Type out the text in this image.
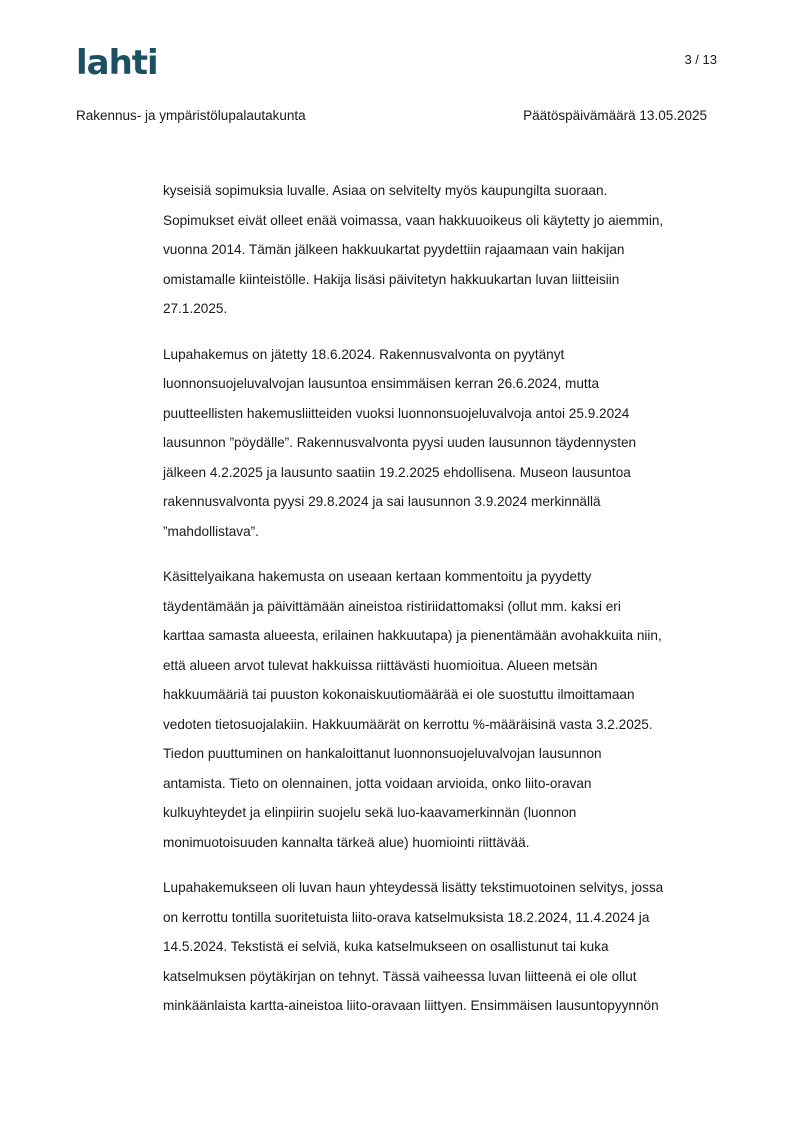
lahti	3 / 13
Rakennus- ja ympäristölupalautakunta	Päätöspäivämäärä 13.05.2025

kyseisiä sopimuksia luvalle. Asiaa on selvitelty myös kaupungilta suoraan.
Sopimukset eivät olleet enää voimassa, vaan hakkuuoikeus oli käytetty jo aiemmin,
vuonna 2014. Tämän jälkeen hakkuukartat pyydettiin rajaamaan vain hakijan
omistamalle kiinteistölle. Hakija lisäsi päivitetyn hakkuukartan luvan liitteisiin
27.1.2025.

Lupahakemus on jätetty 18.6.2024. Rakennusvalvonta on pyytänyt
luonnonsuojeluvalvojan lausuntoa ensimmäisen kerran 26.6.2024, mutta
puutteellisten hakemusliitteiden vuoksi luonnonsuojeluvalvoja antoi 25.9.2024
lausunnon ”pöydälle”. Rakennusvalvonta pyysi uuden lausunnon täydennysten
jälkeen 4.2.2025 ja lausunto saatiin 19.2.2025 ehdollisena. Museon lausuntoa
rakennusvalvonta pyysi 29.8.2024 ja sai lausunnon 3.9.2024 merkinnällä
”mahdollistava”.

Käsittelyaikana hakemusta on useaan kertaan kommentoitu ja pyydetty
täydentämään ja päivittämään aineistoa ristiriidattomaksi (ollut mm. kaksi eri
karttaa samasta alueesta, erilainen hakkuutapa) ja pienentämään avohakkuita niin,
että alueen arvot tulevat hakkuissa riittävästi huomioitua. Alueen metsän
hakkuumääriä tai puuston kokonaiskuutiomäärää ei ole suostuttu ilmoittamaan
vedoten tietosuojalakiin. Hakkuumäärät on kerrottu %-määräisinä vasta 3.2.2025.
Tiedon puuttuminen on hankaloittanut luonnonsuojeluvalvojan lausunnon
antamista. Tieto on olennainen, jotta voidaan arvioida, onko liito-oravan
kulkuyhteydet ja elinpiirin suojelu sekä luo-kaavamerkinnän (luonnon
monimuotoisuuden kannalta tärkeä alue) huomiointi riittävää.

Lupahakemukseen oli luvan haun yhteydessä lisätty tekstimuotoinen selvitys, jossa
on kerrottu tontilla suoritetuista liito-orava katselmuksista 18.2.2024, 11.4.2024 ja
14.5.2024. Tekstistä ei selviä, kuka katselmukseen on osallistunut tai kuka
katselmuksen pöytäkirjan on tehnyt. Tässä vaiheessa luvan liitteenä ei ole ollut
minkäänlaista kartta-aineistoa liito-oravaan liittyen. Ensimmäisen lausuntopyynnön
